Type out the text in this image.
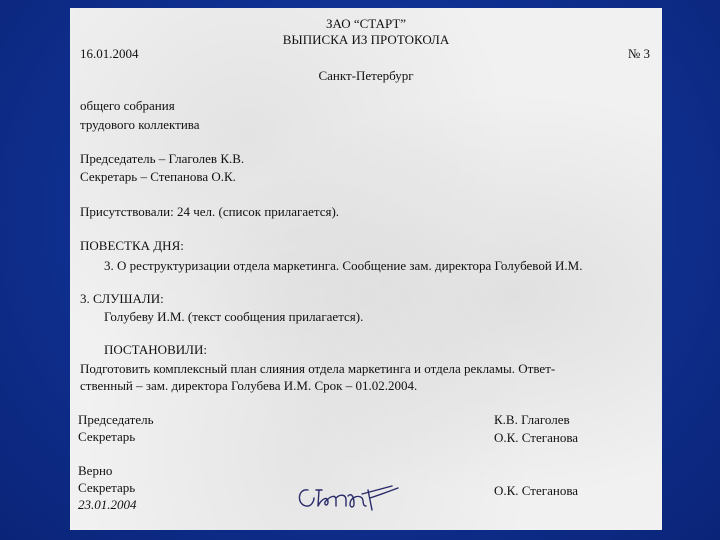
ЗАО “СТАРТ”
ВЫПИСКА ИЗ ПРОТОКОЛА
16.01.2004	№ 3
Санкт-Петербург
общего собрания
трудового коллектива
Председатель – Глаголев К.В.
Секретарь – Степанова О.К.
Присутствовали: 24 чел. (список прилагается).
ПОВЕСТКА ДНЯ:
3. О реструктуризации отдела маркетинга. Сообщение зам. директора Голубевой И.М.
3. СЛУШАЛИ:
Голубеву И.М. (текст сообщения прилагается).
ПОСТАНОВИЛИ:
Подготовить комплексный план слияния отдела маркетинга и отдела рекламы. Ответ-
ственный – зам. директора Голубева И.М. Срок – 01.02.2004.
Председатель
Секретарь
К.В. Глаголев
О.К. Стеганова
Верно
Секретарь
23.01.2004
О.К. Стеганова
